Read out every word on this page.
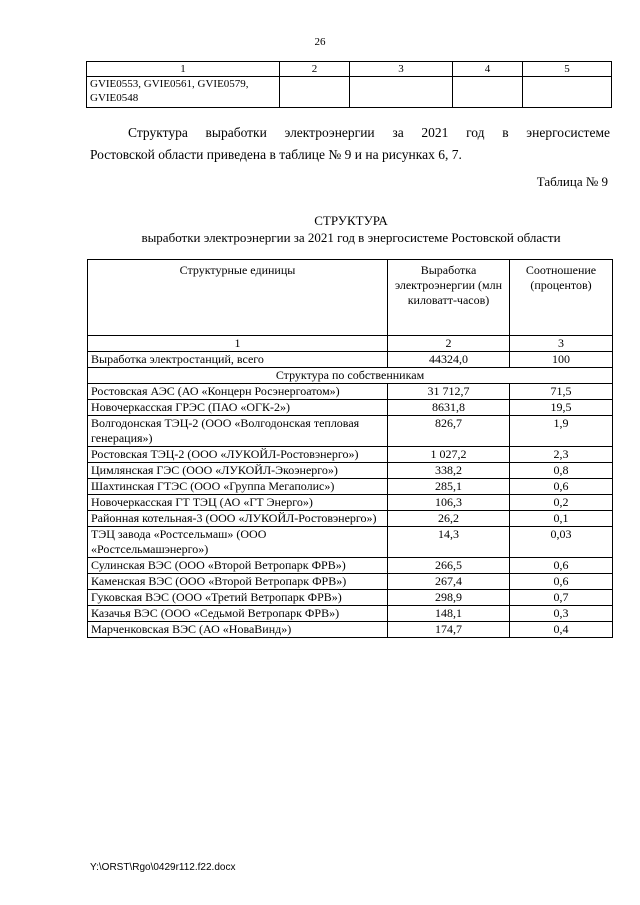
26
1	2	3	4	5
GVIE0553, GVIE0561, GVIE0579, GVIE0548				
Структура выработки электроэнергии за 2021 год в энергосистеме
Ростовской области приведена в таблице № 9 и на рисунках 6, 7.
Таблица № 9
СТРУКТУРА
выработки электроэнергии за 2021 год в энергосистеме Ростовской области
Структурные единицы	Выработка электроэнергии (млн киловатт-часов)	Соотношение (процентов)
1	2	3
Выработка электростанций, всего	44324,0	100
Структура по собственникам		
Ростовская АЭС (АО «Концерн Росэнергоатом»)	31 712,7	71,5
Новочеркасская ГРЭС (ПАО «ОГК-2»)	8631,8	19,5
Волгодонская ТЭЦ-2 (ООО «Волгодонская тепловая генерация»)	826,7	1,9
Ростовская ТЭЦ-2 (ООО «ЛУКОЙЛ-Ростовэнерго»)	1 027,2	2,3
Цимлянская ГЭС (ООО «ЛУКОЙЛ-Экоэнерго»)	338,2	0,8
Шахтинская ГТЭС (ООО «Группа Мегаполис»)	285,1	0,6
Новочеркасская ГТ ТЭЦ (АО «ГТ Энерго»)	106,3	0,2
Районная котельная-3 (ООО «ЛУКОЙЛ-Ростовэнерго»)	26,2	0,1
ТЭЦ завода «Ростсельмаш» (ООО «Ростсельмашэнерго»)	14,3	0,03
Сулинская ВЭС (ООО «Второй Ветропарк ФРВ»)	266,5	0,6
Каменская ВЭС (ООО «Второй Ветропарк ФРВ»)	267,4	0,6
Гуковская ВЭС (ООО «Третий Ветропарк ФРВ»)	298,9	0,7
Казачья ВЭС (ООО «Седьмой Ветропарк ФРВ»)	148,1	0,3
Марченковская ВЭС (АО «НоваВинд»)	174,7	0,4
Y:\ORST\Rgo\0429r112.f22.docx
